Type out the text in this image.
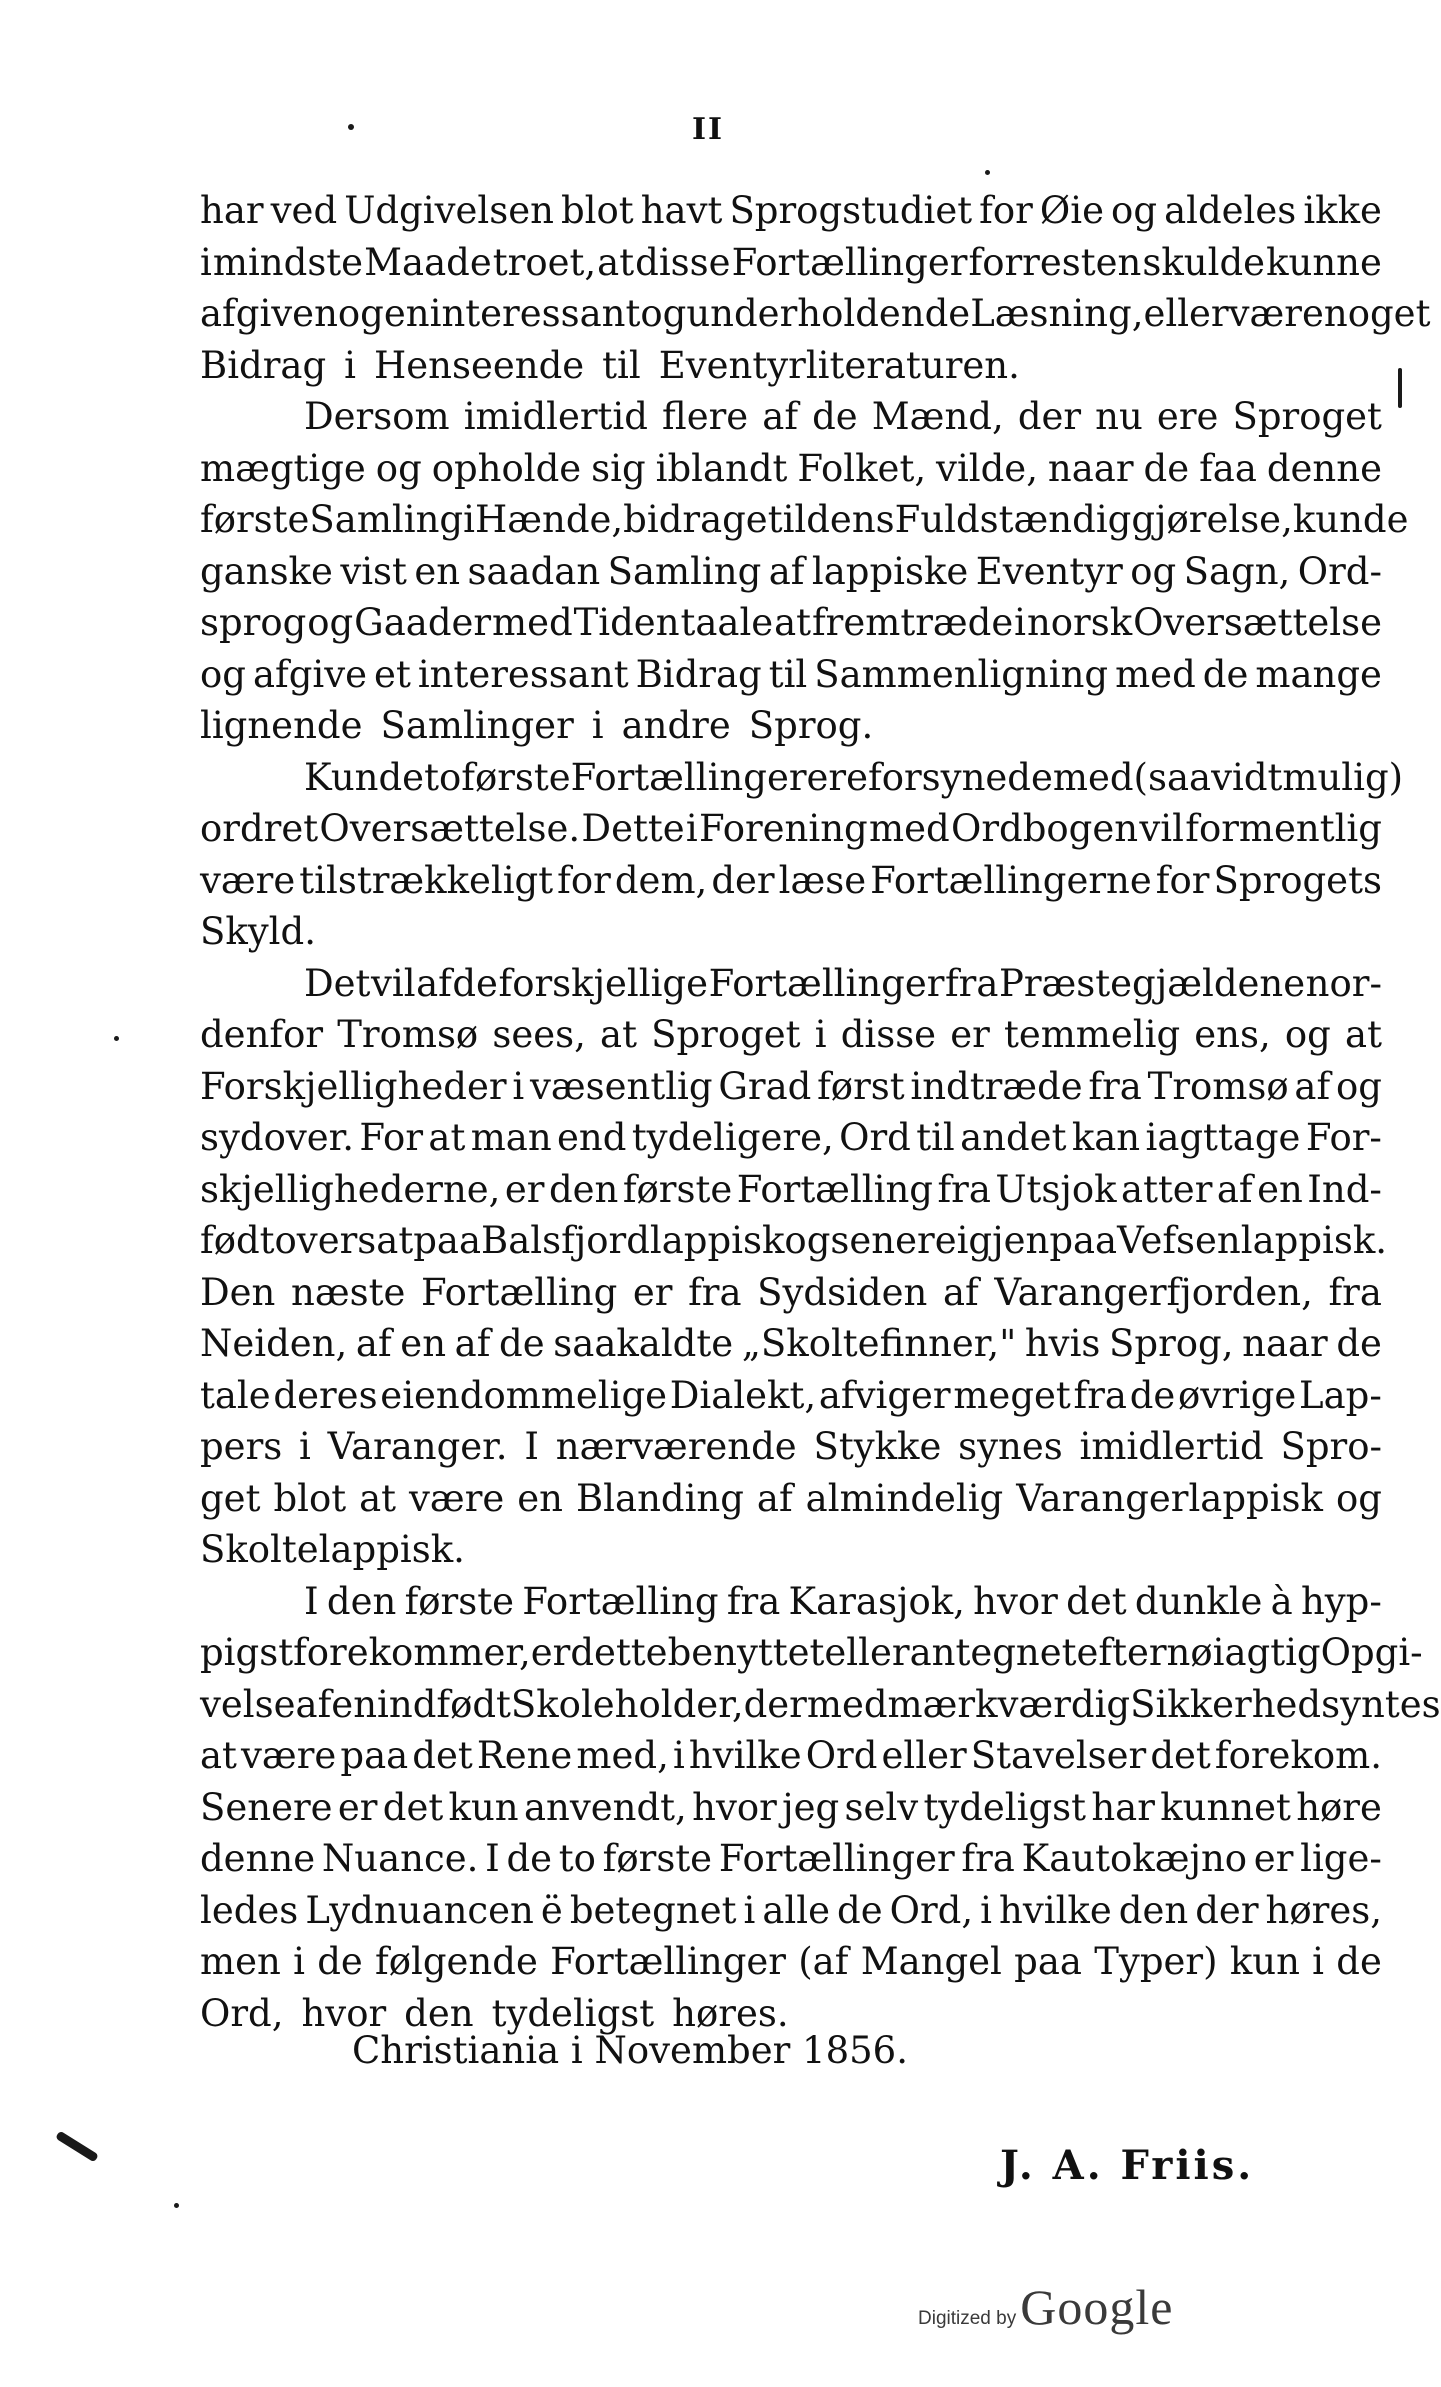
II
har ved Udgivelsen blot havt Sprogstudiet for Øie og aldeles ikke
i mindste Maade troet, at disse Fortællinger forresten skulde kunne
afgive nogen interessant og underholdende Læsning, eller være noget
Bidrag i Henseende til Eventyrliteraturen.
Dersom imidlertid flere af de Mænd, der nu ere Sproget
mægtige og opholde sig iblandt Folket, vilde, naar de faa denne
første Samling i Hænde, bidrage til dens Fuldstændiggjørelse, kunde
ganske vist en saadan Samling af lappiske Eventyr og Sagn, Ord-
sprog og Gaader med Tiden taale at fremtræde i norsk Oversættelse
og afgive et interessant Bidrag til Sammenligning med de mange
lignende Samlinger i andre Sprog.
Kun de to første Fortællinger ere forsynede med (saavidt mulig)
ordret Oversættelse. Dette i Forening med Ordbogen vil formentlig
være tilstrækkeligt for dem, der læse Fortællingerne for Sprogets
Skyld.
Det vil af de forskjellige Fortællinger fra Præstegjældene nor-
denfor Tromsø sees, at Sproget i disse er temmelig ens, og at
Forskjelligheder i væsentlig Grad først indtræde fra Tromsø af og
sydover. For at man end tydeligere, Ord til andet kan iagttage For-
skjellighederne, er den første Fortælling fra Utsjok atter af en Ind-
født oversat paa Balsfjordlappisk og senere igjen paa Vefsenlappisk.
Den næste Fortælling er fra Sydsiden af Varangerfjorden, fra
Neiden, af en af de saakaldte „Skoltefinner," hvis Sprog, naar de
tale deres eiendommelige Dialekt, afviger meget fra de øvrige Lap-
pers i Varanger. I nærværende Stykke synes imidlertid Spro-
get blot at være en Blanding af almindelig Varangerlappisk og
Skoltelappisk.
I den første Fortælling fra Karasjok, hvor det dunkle à hyp-
pigst forekommer, er dette benyttet eller antegnet efter nøiagtig Opgi-
velse af en indfødt Skoleholder, der med mærkværdig Sikkerhed syntes
at være paa det Rene med, i hvilke Ord eller Stavelser det forekom.
Senere er det kun anvendt, hvor jeg selv tydeligst har kunnet høre
denne Nuance. I de to første Fortællinger fra Kautokæjno er lige-
ledes Lydnuancen ë betegnet i alle de Ord, i hvilke den der høres,
men i de følgende Fortællinger (af Mangel paa Typer) kun i de
Ord, hvor den tydeligst høres.
Christiania i November 1856.
J. A. Friis.
Digitized by Google
